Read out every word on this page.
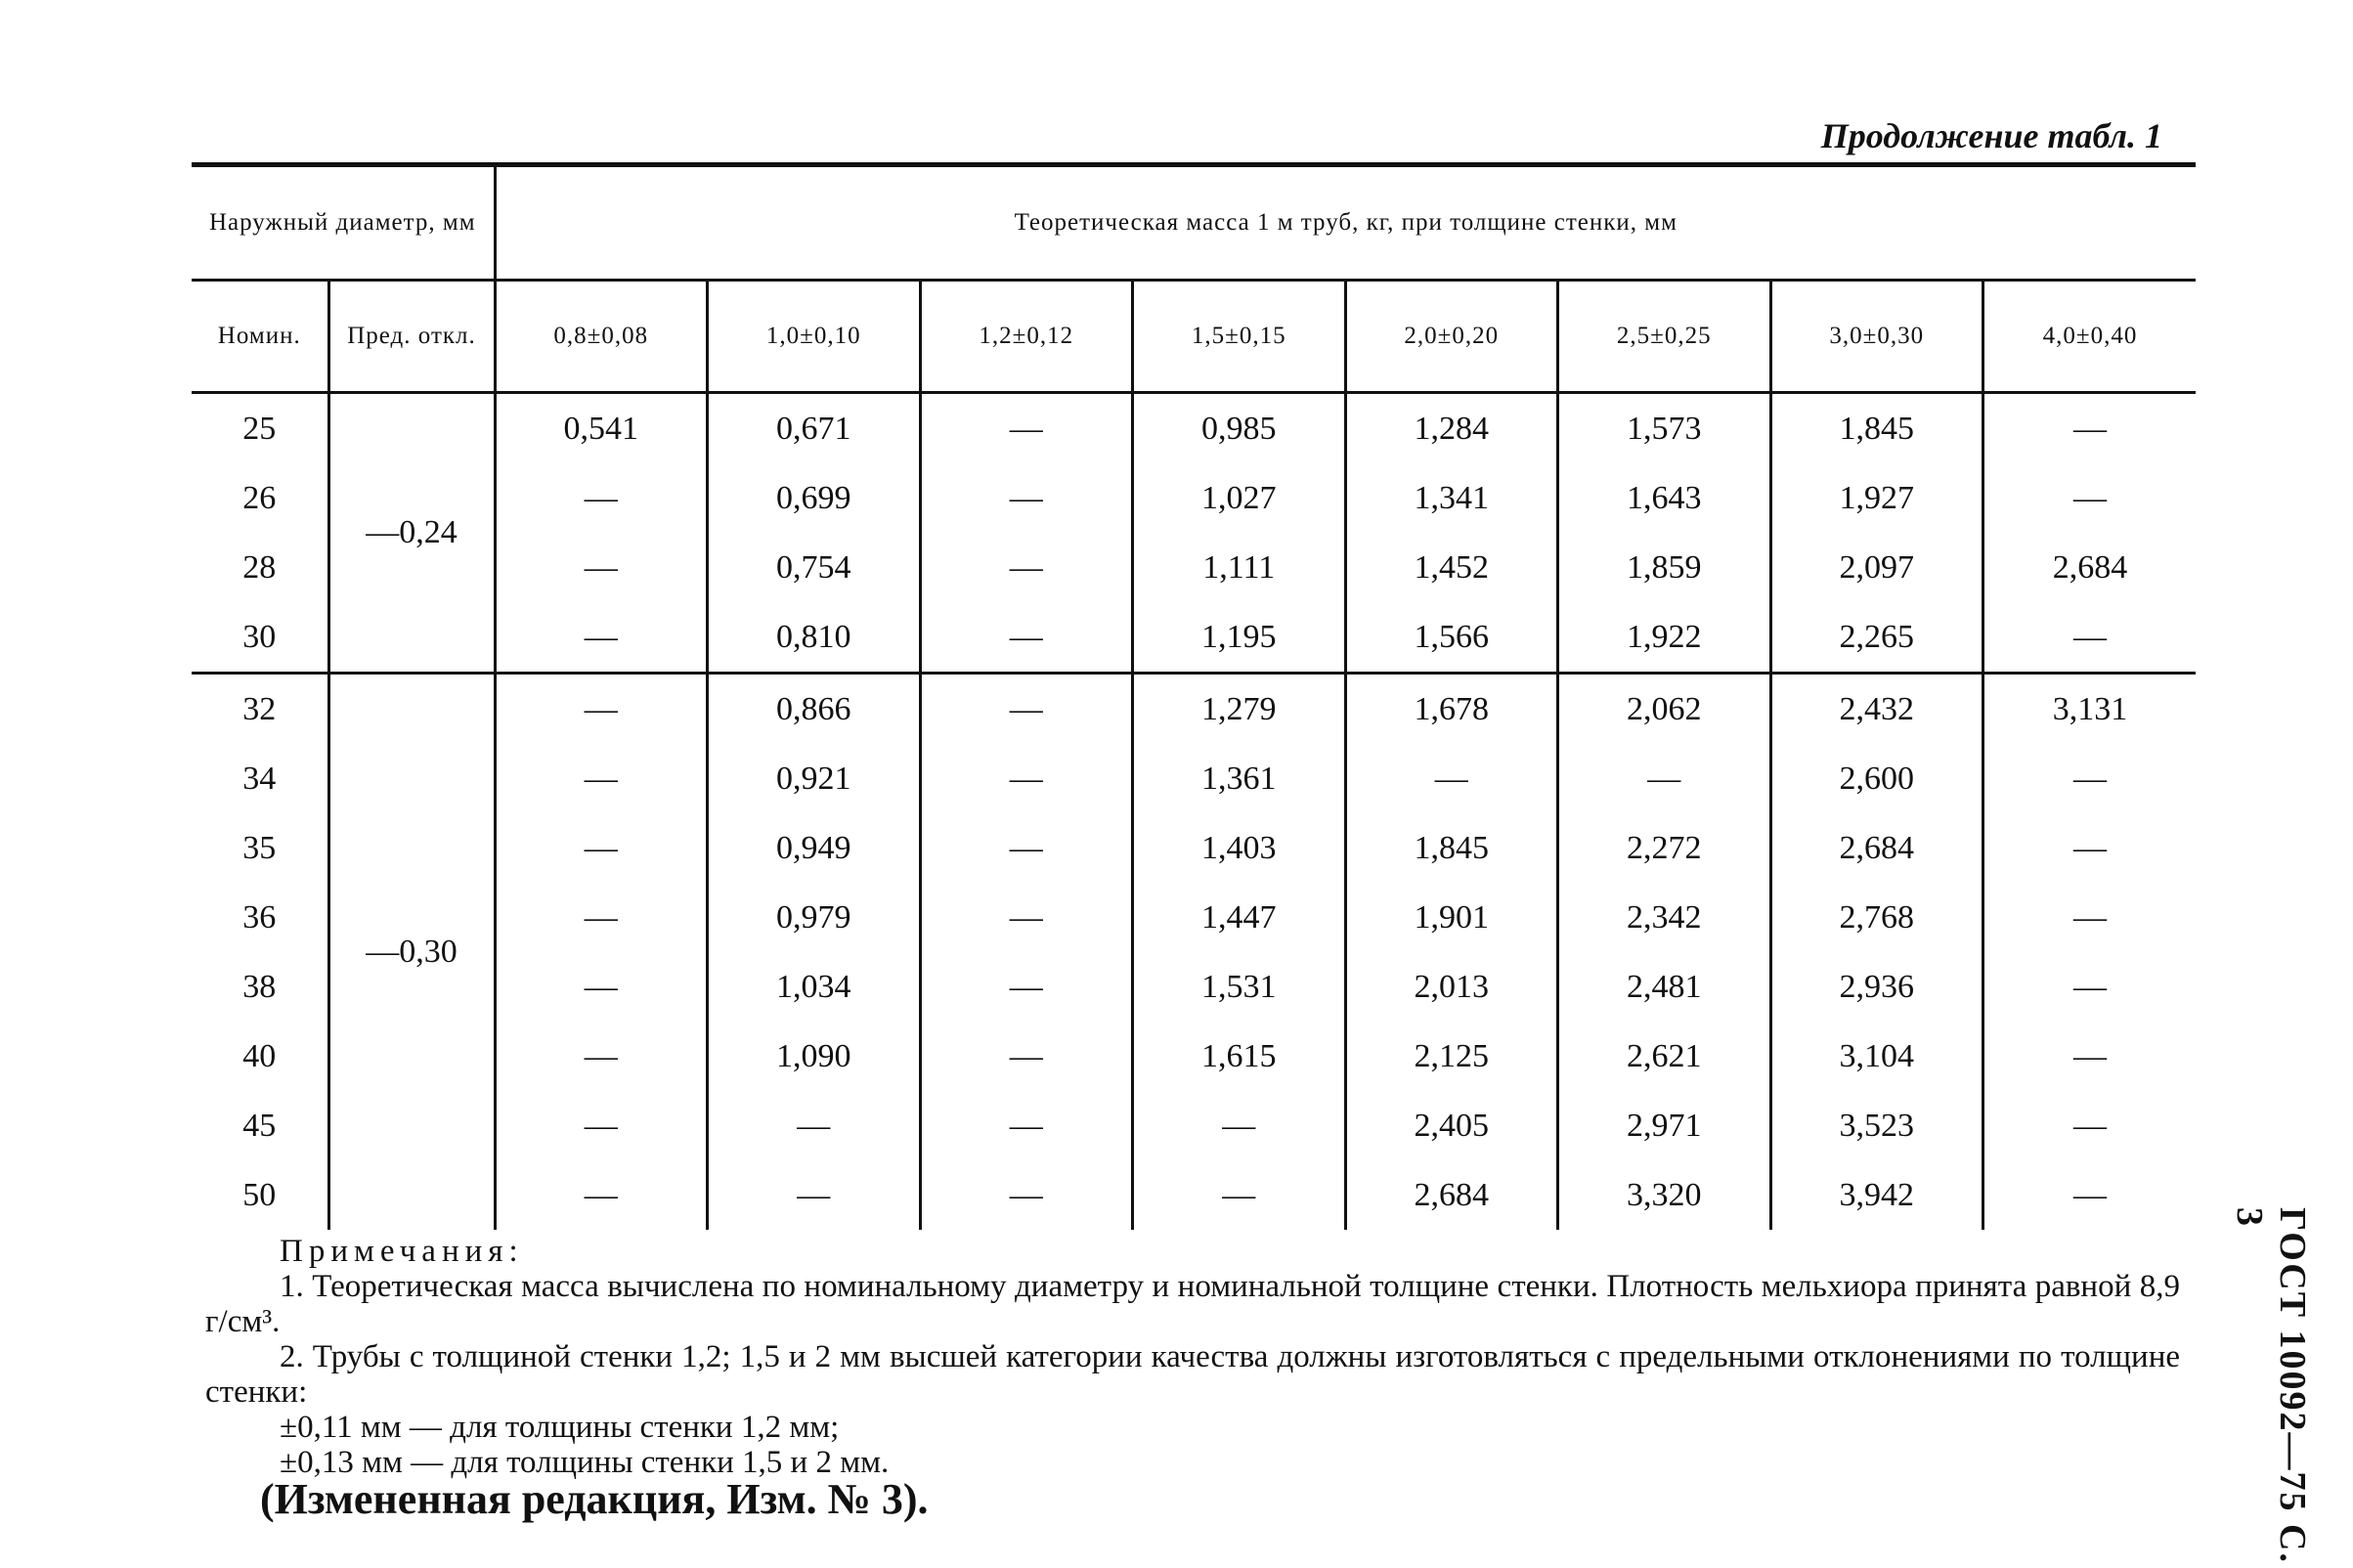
Продолжение табл. 1
Наружный диаметр, мм		Теоретическая масса 1 м труб, кг, при толщине стенки, мм							
Номин.	Пред. откл.	0,8±0,08	1,0±0,10	1,2±0,12	1,5±0,15	2,0±0,20	2,5±0,25	3,0±0,30	4,0±0,40

25	—0,24	0,541	0,671	—	0,985	1,284	1,573	1,845	—
26		—	0,699	—	1,027	1,341	1,643	1,927	—
28		—	0,754	—	1,111	1,452	1,859	2,097	2,684
30		—	0,810	—	1,195	1,566	1,922	2,265	—
32	—0,30	—	0,866	—	1,279	1,678	2,062	2,432	3,131
34		—	0,921	—	1,361	—	—	2,600	—
35		—	0,949	—	1,403	1,845	2,272	2,684	—
36		—	0,979	—	1,447	1,901	2,342	2,768	—
38		—	1,034	—	1,531	2,013	2,481	2,936	—
40		—	1,090	—	1,615	2,125	2,621	3,104	—
45		—	—	—	—	2,405	2,971	3,523	—
50		—	—	—	—	2,684	3,320	3,942	—
Примечания:
1. Теоретическая масса вычислена по номинальному диаметру и номинальной толщине стенки. Плотность мельхиора принята равной 8,9 г/см³.
2. Трубы с толщиной стенки 1,2; 1,5 и 2 мм высшей категории качества должны изготовляться с предельными отклонениями по толщине стенки:
±0,11 мм — для толщины стенки 1,2 мм;
±0,13 мм — для толщины стенки 1,5 и 2 мм.
(Измененная редакция, Изм. № 3).	ГОСТ 10092—75 С. 3
